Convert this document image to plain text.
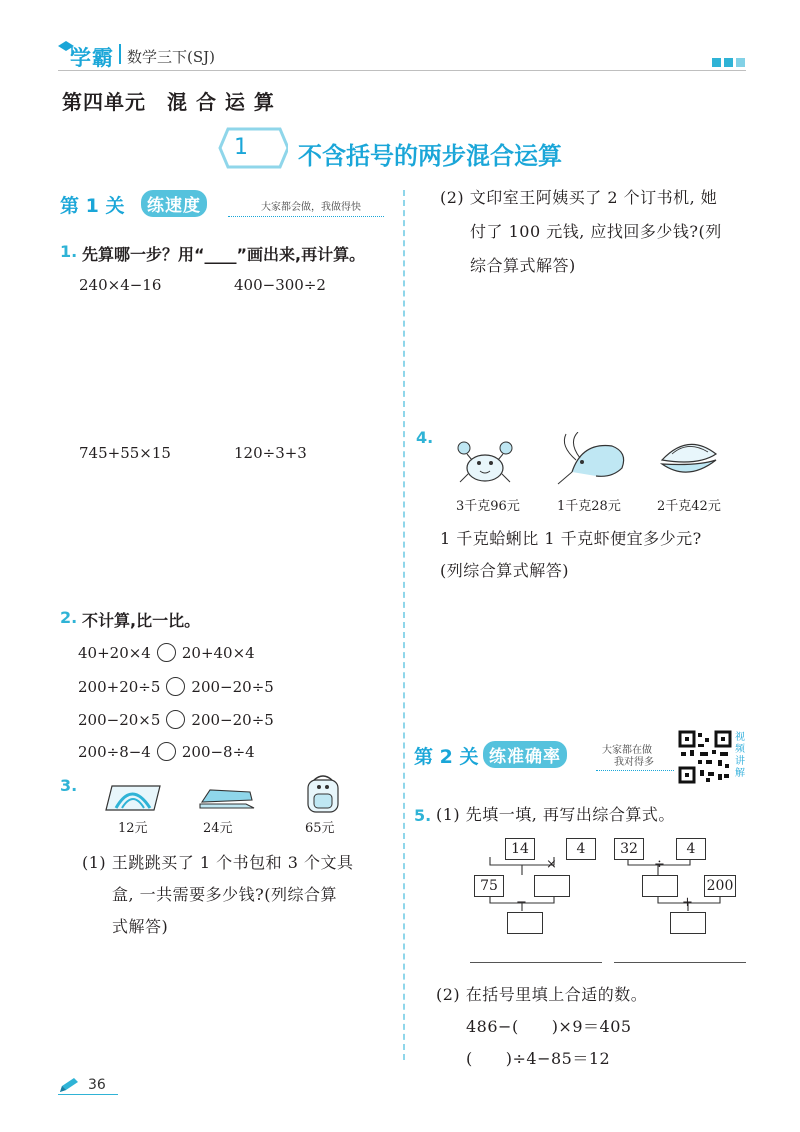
学霸 数学三下(SJ)
第四单元　混 合 运 算
1 不含括号的两步混合运算
第 1 关	练速度	大家都会做，我做得快
1. 先算哪一步？用“____”画出来,再计算。
240×4−16	400−300÷2
745+55×15	120÷3+3
2. 不计算,比一比。
40+20×4 20+40×4
200+20÷5 200−20÷5
200−20×5 200−20÷5
200÷8−4 200−8÷4
3.
12元	24元	65元
(1) 王跳跳买了 1 个书包和 3 个文具
盒, 一共需要多少钱?(列综合算
式解答)
(2) 文印室王阿姨买了 2 个订书机, 她
付了 100 元钱, 应找回多少钱?(列
综合算式解答)
4.
3千克96元	1千克28元	2千克42元
1 千克蛤蜊比 1 千克虾便宜多少元?
(列综合算式解答)
第 2 关 练准确率	大家都在做
我对得多
视频讲解
5. (1) 先填一填, 再写出综合算式。
14
×
4
75
−
32
÷
4
200
+
(2) 在括号里填上合适的数。
486−(　　)×9＝405
(　　)÷4−85＝12
36
